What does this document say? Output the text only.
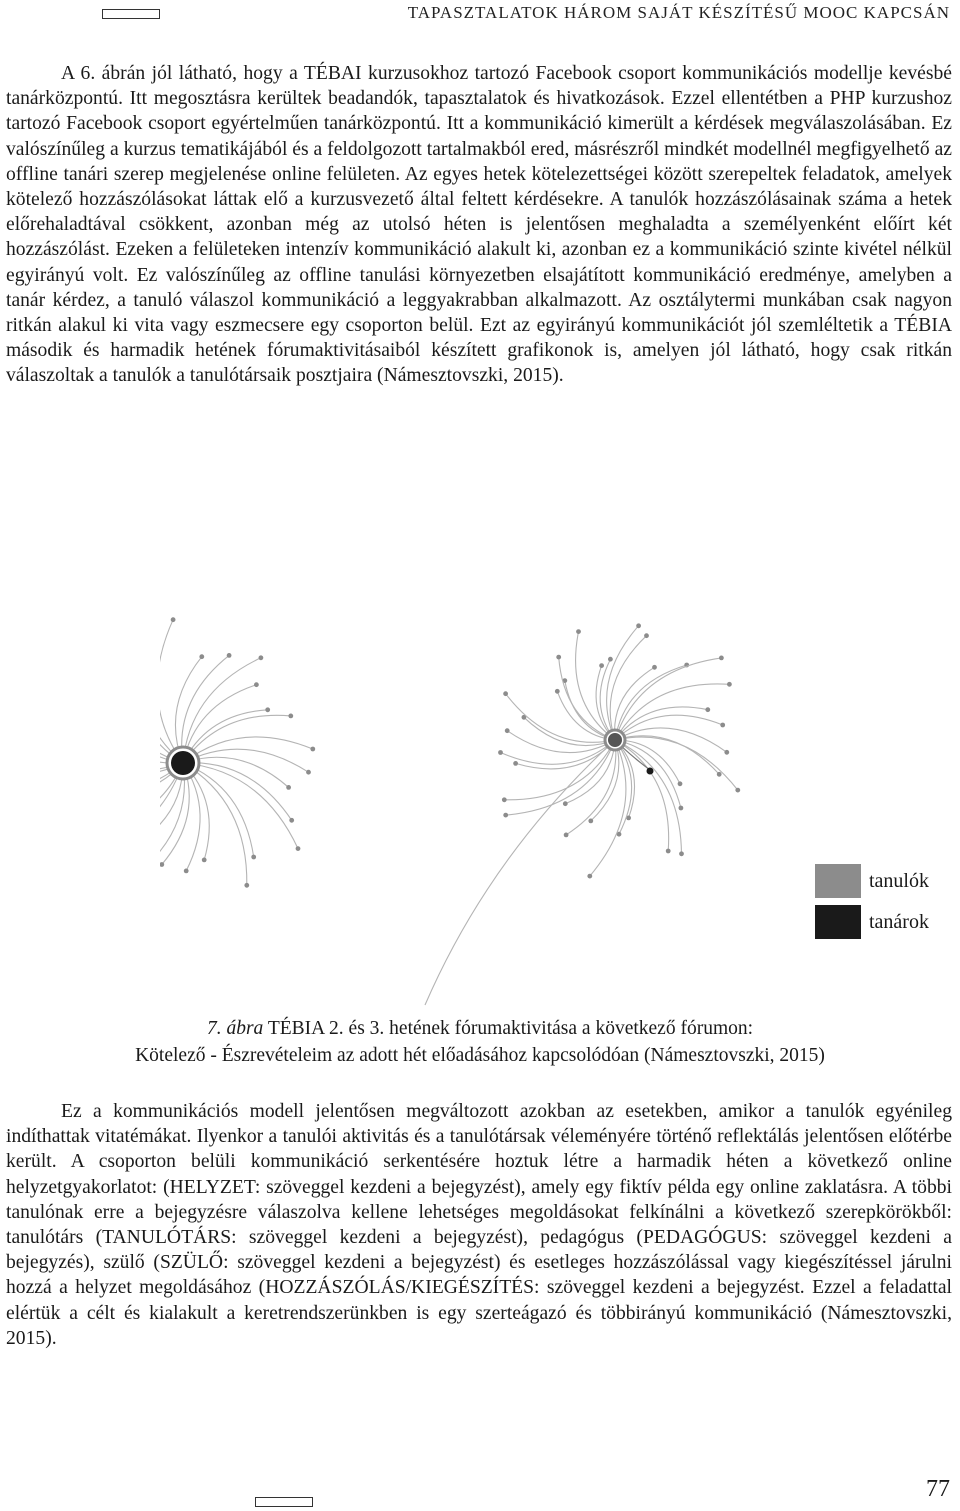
TAPASZTALATOK HÁROM SAJÁT KÉSZÍTÉSŰ MOOC KAPCSÁN

A 6. ábrán jól látható, hogy a TÉBAI kurzusokhoz tartozó Facebook csoport kommunikációs modellje kevésbé tanárközpontú. Itt megosztásra kerültek beadandók, tapasztalatok és hivatkozások. Ezzel ellentétben a PHP kurzushoz tartozó Facebook csoport egyértelműen tanárközpontú. Itt a kommunikáció kimerült a kérdések megválaszolásában. Ez valószínűleg a kurzus tematikájából és a feldolgozott tartalmakból ered, másrészről mindkét modellnél megfigyelhető az offline tanári szerep megjelenése online felületen. Az egyes hetek kötelezettségei között szerepeltek feladatok, amelyek kötelező hozzászólásokat láttak elő a kurzusvezető által feltett kérdésekre. A tanulók hozzászólásainak száma a hetek előrehaladtával csökkent, azonban még az utolsó héten is jelentősen meghaladta a személyenként előírt két hozzászólást. Ezeken a felületeken intenzív kommunikáció alakult ki, azonban ez a kommunikáció szinte kivétel nélkül egyirányú volt. Ez valószínűleg az offline tanulási környezetben elsajátított kommunikáció eredménye, amelyben a tanár kérdez, a tanuló válaszol kommunikáció a leggyakrabban alkalmazott. Az osztálytermi munkában csak nagyon ritkán alakul ki vita vagy eszmecsere egy csoporton belül. Ezt az egyirányú kommunikációt jól szemléltetik a TÉBIA második és harmadik hetének fórumaktivitásaiból készített grafikonok is, amelyen jól látható, hogy csak ritkán válaszoltak a tanulók a tanulótársaik posztjaira (Námesztovszki, 2015).

tanulók
tanárok
7. ábra TÉBIA 2. és 3. hetének fórumaktivitása a következő fórumon:
Kötelező - Észrevételeim az adott hét előadásához kapcsolódóan (Námesztovszki, 2015)

Ez a kommunikációs modell jelentősen megváltozott azokban az esetekben, amikor a tanulók egyénileg indíthattak vitatémákat. Ilyenkor a tanulói aktivitás és a tanulótársak véleményére történő reflektálás jelentősen előtérbe került. A csoporton belüli kommunikáció serkentésére hoztuk létre a harmadik héten a következő online helyzetgyakorlatot: (HELYZET: szöveggel kezdeni a bejegyzést), amely egy fiktív példa egy online zaklatásra. A többi tanulónak erre a bejegyzésre válaszolva kellene lehetséges megoldásokat felkínálni a következő szerepkörökből: tanulótárs (TANULÓTÁRS: szöveggel kezdeni a bejegyzést), pedagógus (PEDAGÓGUS: szöveggel kezdeni a bejegyzés), szülő (SZÜLŐ: szöveggel kezdeni a bejegyzést) és esetleges hozzászólással vagy kiegészítéssel járulni hozzá a helyzet megoldásához (HOZZÁSZÓLÁS/KIEGÉSZÍTÉS: szöveggel kezdeni a bejegyzést. Ezzel a feladattal elértük a célt és kialakult a keretrendszerünkben is egy szerteágazó és többirányú kommunikáció (Námesztovszki, 2015).

77
